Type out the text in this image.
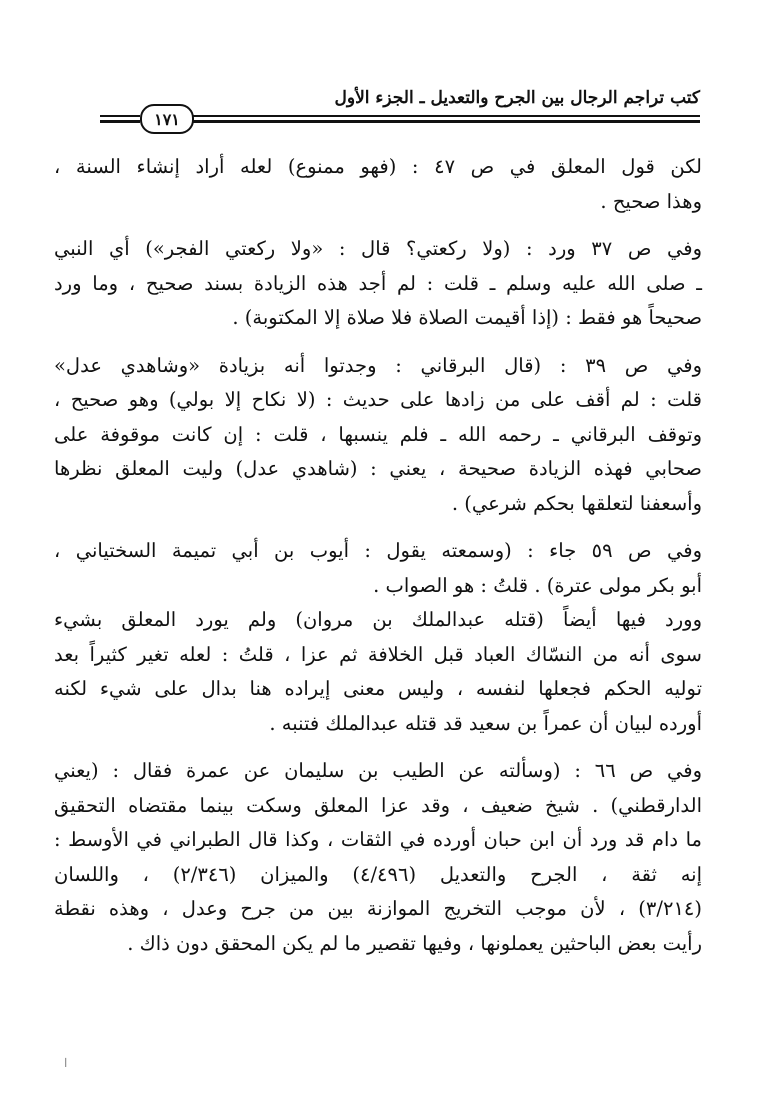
كتب تراجم الرجال بين الجرح والتعديل ـ الجزء الأول
١٧١

لكن قول المعلق في ص ٤٧ : (فهو ممنوع) لعله أراد إنشاء السنة ،
وهذا صحيح .

وفي ص ٣٧ ورد : (ولا ركعتي؟ قال : «ولا ركعتي الفجر») أي النبي
ـ صلى الله عليه وسلم ـ قلت : لم أجد هذه الزيادة بسند صحيح ، وما ورد
صحيحاً هو فقط : (إذا أقيمت الصلاة فلا صلاة إلا المكتوبة) .

وفي ص ٣٩ : (قال البرقاني : وجدتوا أنه بزيادة «وشاهدي عدل»
قلت : لم أقف على من زادها على حديث : (لا نكاح إلا بولي) وهو صحيح ،
وتوقف البرقاني ـ رحمه الله ـ فلم ينسبها ، قلت : إن كانت موقوفة على
صحابي فهذه الزيادة صحيحة ، يعني : (شاهدي عدل) وليت المعلق نظرها
وأسعفنا لتعلقها بحكم شرعي) .

وفي ص ٥٩ جاء : (وسمعته يقول : أيوب بن أبي تميمة السختياني ،
أبو بكر مولى عترة) . قلتُ : هو الصواب .

وورد فيها أيضاً (قتله عبدالملك بن مروان) ولم يورد المعلق بشيء
سوى أنه من النسّاك العباد قبل الخلافة ثم عزا ، قلتُ : لعله تغير كثيراً بعد
توليه الحكم فجعلها لنفسه ، وليس معنى إيراده هنا بدال على شيء لكنه
أورده لبيان أن عمراً بن سعيد قد قتله عبدالملك فتنبه .

وفي ص ٦٦ : (وسألته عن الطيب بن سليمان عن عمرة فقال : (يعني
الدارقطني) . شيخ ضعيف ، وقد عزا المعلق وسكت بينما مقتضاه التحقيق
ما دام قد ورد أن ابن حبان أورده في الثقات ، وكذا قال الطبراني في الأوسط :
إنه ثقة ، الجرح والتعديل (٤/٤٩٦) والميزان (٢/٣٤٦) ، واللسان
(٣/٢١٤) ، لأن موجب التخريج الموازنة بين من جرح وعدل ، وهذه نقطة
رأيت بعض الباحثين يعملونها ، وفيها تقصير ما لم يكن المحقق دون ذاك .

ا
